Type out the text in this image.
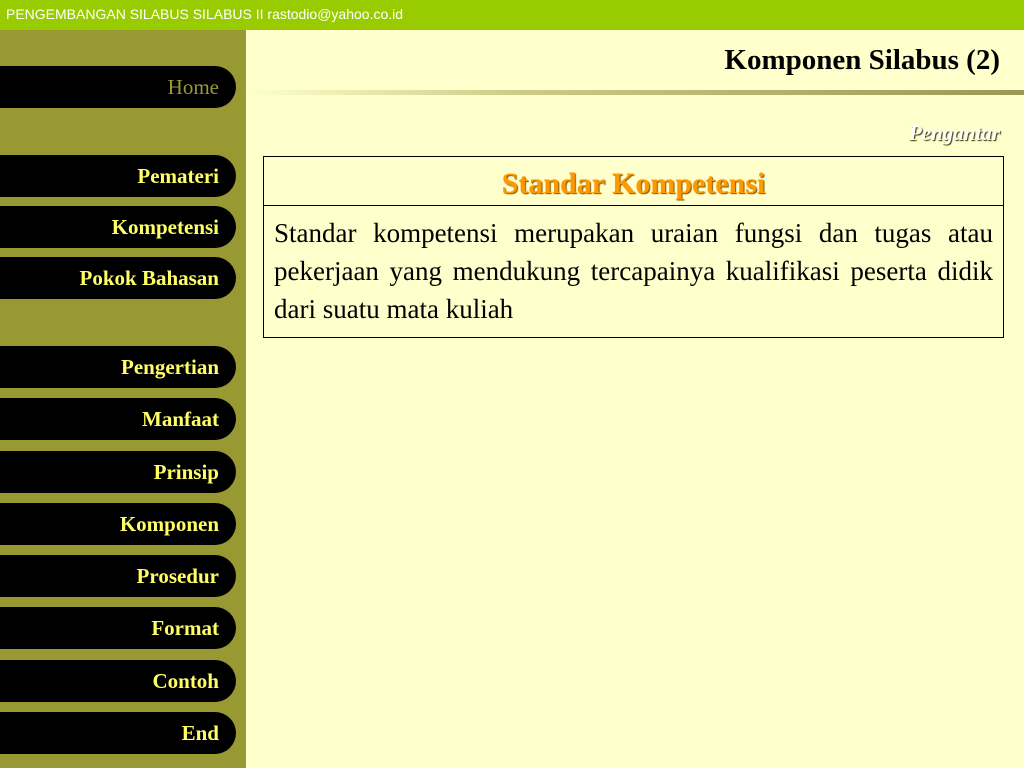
PENGEMBANGAN SILABUS SILABUS II rastodio@yahoo.co.id
Home
Pengantar
Pemateri
Kompetensi
Pokok Bahasan
Pengertian
Manfaat
Prinsip
Komponen
Prosedur
Format
Contoh
End
Komponen Silabus (2)
Standar Kompetensi
Standar kompetensi merupakan uraian fungsi dan tugas atau pekerjaan yang mendukung tercapainya kualifikasi peserta didik dari suatu mata kuliah
